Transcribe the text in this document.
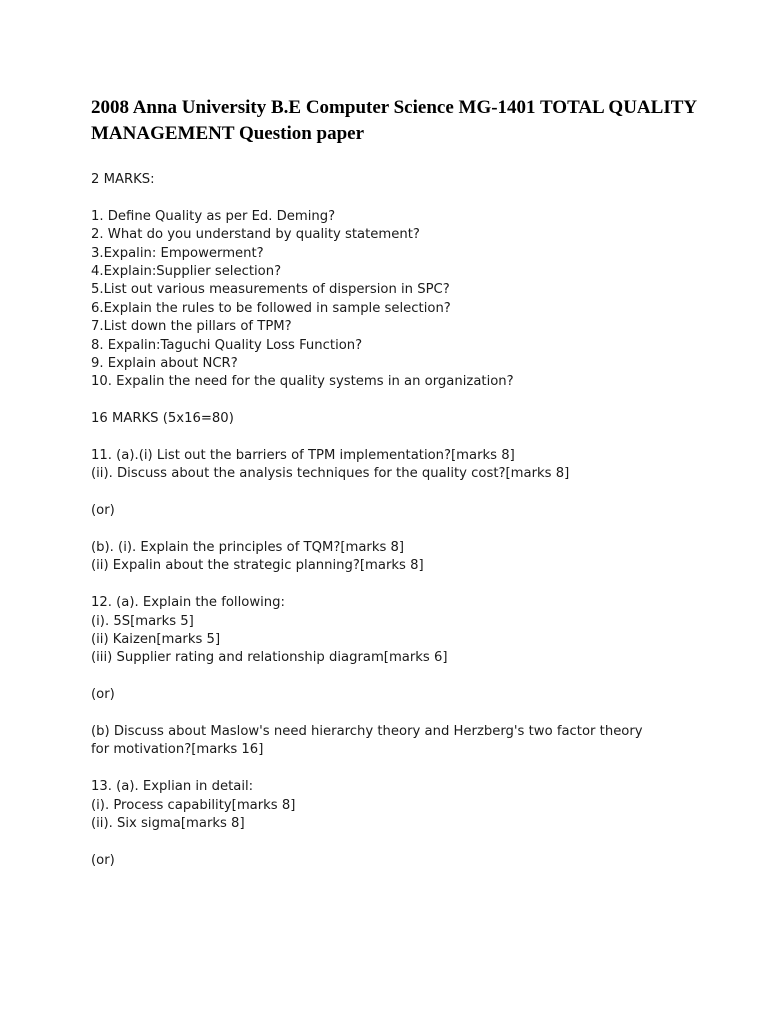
2008 Anna University B.E Computer Science MG-1401 TOTAL QUALITY MANAGEMENT Question paper
2 MARKS:
1. Define Quality as per Ed. Deming?
2. What do you understand by quality statement?
3.Expalin: Empowerment?
4.Explain:Supplier selection?
5.List out various measurements of dispersion in SPC?
6.Explain the rules to be followed in sample selection?
7.List down the pillars of TPM?
8. Expalin:Taguchi Quality Loss Function?
9. Explain about NCR?
10. Expalin the need for the quality systems in an organization?
16 MARKS (5x16=80)
11. (a).(i) List out the barriers of TPM implementation?[marks 8]
(ii). Discuss about the analysis techniques for the quality cost?[marks 8]
(or)
(b). (i). Explain the principles of TQM?[marks 8]
(ii) Expalin about the strategic planning?[marks 8]
12. (a). Explain the following:
(i). 5S[marks 5]
(ii) Kaizen[marks 5]
(iii) Supplier rating and relationship diagram[marks 6]
(or)
(b) Discuss about Maslow's need hierarchy theory and Herzberg's two factor theory
for motivation?[marks 16]
13. (a). Explian in detail:
(i). Process capability[marks 8]
(ii). Six sigma[marks 8]
(or)
